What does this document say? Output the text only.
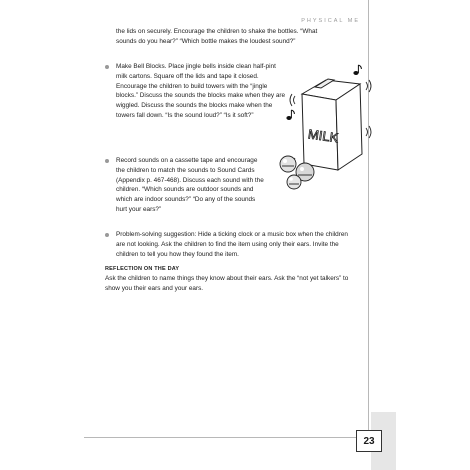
PHYSICAL ME
the lids on securely. Encourage the children to shake the bottles. “What sounds do you hear?” “Which bottle makes the loudest sound?”
Make Bell Blocks. Place jingle bells inside clean half-pint milk cartons. Square off the lids and tape it closed. Encourage the children to build towers with the “jingle blocks.” Discuss the sounds the blocks make when they are wiggled. Discuss the sounds the blocks make when the towers fall down. “Is the sound loud?” “Is it soft?”
Record sounds on a cassette tape and encourage the children to match the sounds to Sound Cards (Appendix p. 467-468). Discuss each sound with the children. “Which sounds are outdoor sounds and which are indoor sounds?” “Do any of the sounds hurt your ears?”
Problem-solving suggestion: Hide a ticking clock or a music box when the children are not looking. Ask the children to find the item using only their ears. Invite the children to tell you how they found the item.
REFLECTION ON THE DAY
Ask the children to name things they know about their ears. Ask the “not yet talkers” to show you their ears and your ears.
MILK
23
